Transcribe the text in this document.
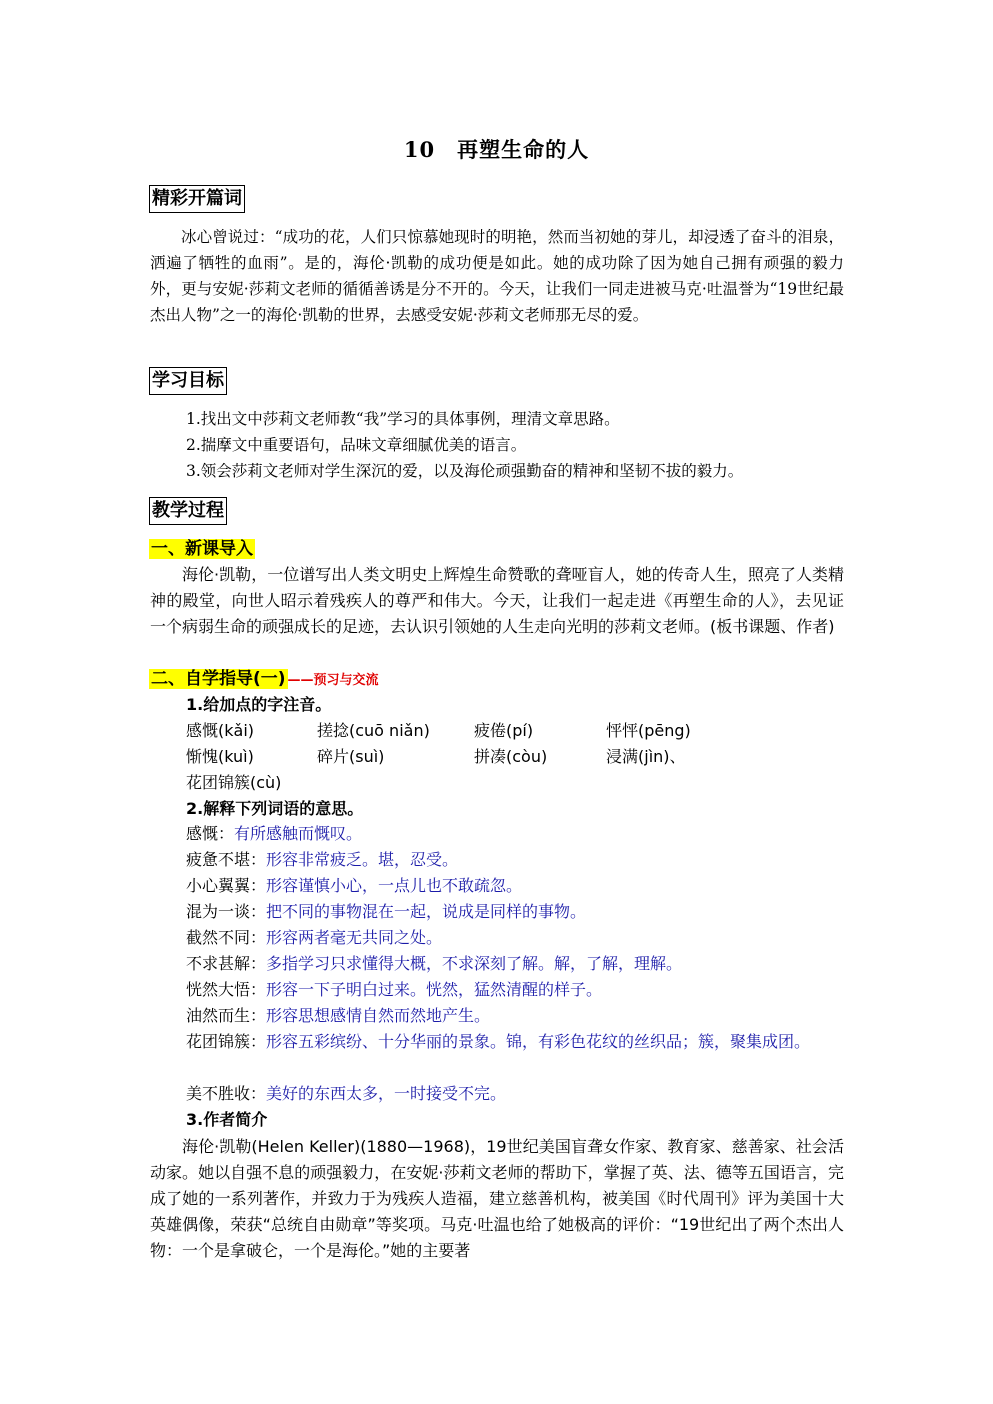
10　再塑生命的人
精彩开篇词

冰心曾说过：“成功的花，人们只惊慕她现时的明艳，然而当初她的芽儿，却浸透了奋斗的泪泉，洒遍了牺牲的血雨”。是的，海伦·凯勒的成功便是如此。她的成功除了因为她自己拥有顽强的毅力外，更与安妮·莎莉文老师的循循善诱是分不开的。今天，让我们一同走进被马克·吐温誉为“19世纪最杰出人物”之一的海伦·凯勒的世界，去感受安妮·莎莉文老师那无尽的爱。

学习目标
1.找出文中莎莉文老师教“我”学习的具体事例，理清文章思路。
2.揣摩文中重要语句，品味文章细腻优美的语言。
3.领会莎莉文老师对学生深沉的爱，以及海伦顽强勤奋的精神和坚韧不拔的毅力。
教学过程
一、新课导入

海伦·凯勒，一位谱写出人类文明史上辉煌生命赞歌的聋哑盲人，她的传奇人生，照亮了人类精神的殿堂，向世人昭示着残疾人的尊严和伟大。今天，让我们一起走进《再塑生命的人》，去见证一个病弱生命的顽强成长的足迹，去认识引领她的人生走向光明的莎莉文老师。(板书课题、作者)

二、自学指导(一) ——预习与交流
1.给加点的字注音。
感慨(kǎi)	搓捻(cuō niǎn)	疲倦(pí)	怦怦(pēng)
惭愧(kuì)	碎片(suì)	拼凑(còu)	浸满(jìn)、
花团锦簇(cù)
2.解释下列词语的意思。
感慨：有所感触而慨叹。
疲惫不堪：形容非常疲乏。堪，忍受。
小心翼翼：形容谨慎小心，一点儿也不敢疏忽。
混为一谈：把不同的事物混在一起，说成是同样的事物。
截然不同：形容两者毫无共同之处。
不求甚解：多指学习只求懂得大概，不求深刻了解。解，了解，理解。
恍然大悟：形容一下子明白过来。恍然，猛然清醒的样子。
油然而生：形容思想感情自然而然地产生。
花团锦簇：形容五彩缤纷、十分华丽的景象。锦，有彩色花纹的丝织品；簇，聚集成团。
美不胜收：美好的东西太多，一时接受不完。
3.作者简介

海伦·凯勒(Helen Keller)(1880—1968)，19世纪美国盲聋女作家、教育家、慈善家、社会活动家。她以自强不息的顽强毅力，在安妮·莎莉文老师的帮助下，掌握了英、法、德等五国语言，完成了她的一系列著作，并致力于为残疾人造福，建立慈善机构，被美国《时代周刊》评为美国十大英雄偶像，荣获“总统自由勋章”等奖项。马克·吐温也给了她极高的评价：“19世纪出了两个杰出人物：一个是拿破仑，一个是海伦。”她的主要著
